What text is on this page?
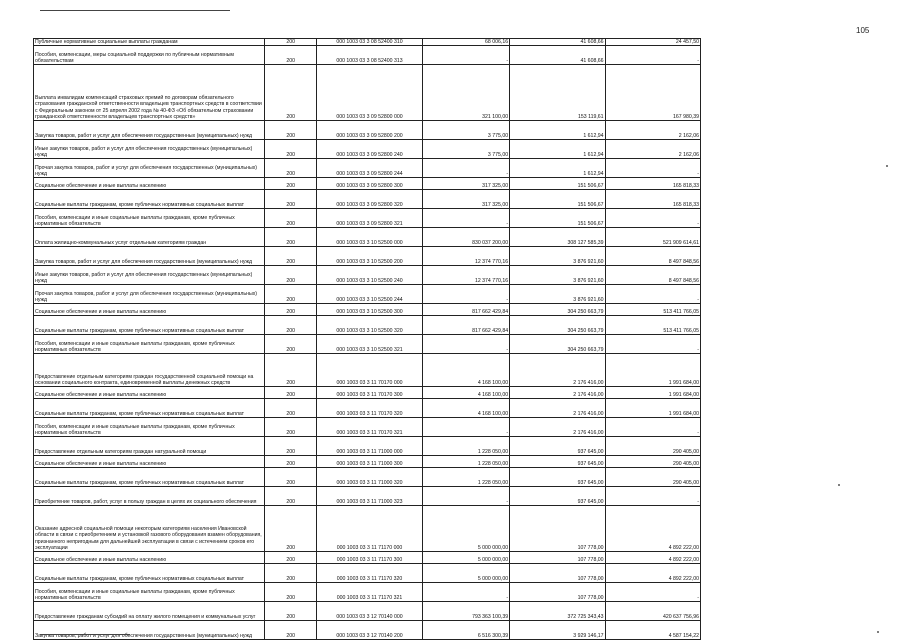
105
Публичные нормативные социальные выплаты гражданам	200	000 1003 03 3 08 52400 310	68 006,16	41 608,66	24 457,50
Пособия, компенсации, меры социальной поддержки по публичным нормативным обязательствам	200	000 1003 03 3 08 52400 313	-	41 608,66	-
Выплата инвалидам компенсаций страховых премий по договорам обязательного страхования гражданской ответственности владельцев транспортных средств в соответствии с Федеральным законом от 25 апреля 2002 года № 40-ФЗ «Об обязательном страховании гражданской ответственности владельцев транспортных средств»	200	000 1003 03 3 09 52800 000	321 100,00	153 119,61	167 980,39
Закупка товаров, работ и услуг для обеспечения государственных (муниципальных) нужд	200	000 1003 03 3 09 52800 200	3 775,00	1 612,94	2 162,06
Иные закупки товаров, работ и услуг для обеспечения государственных (муниципальных) нужд	200	000 1003 03 3 09 52800 240	3 775,00	1 612,94	2 162,06
Прочая закупка товаров, работ и услуг для обеспечения государственных (муниципальных) нужд	200	000 1003 03 3 09 52800 244	-	1 612,94	-
Социальное обеспечение и иные выплаты населению	200	000 1003 03 3 09 52800 300	317 325,00	151 506,67	165 818,33
Социальные выплаты гражданам, кроме публичных нормативных социальных выплат	200	000 1003 03 3 09 52800 320	317 325,00	151 506,67	165 818,33
Пособия, компенсации и иные социальные выплаты гражданам, кроме публичных нормативных обязательств	200	000 1003 03 3 09 52800 321	-	151 506,67	-
Оплата жилищно-коммунальных услуг отдельным категориям граждан	200	000 1003 03 3 10 52500 000	830 037 200,00	308 127 585,39	521 909 614,61
Закупка товаров, работ и услуг для обеспечения государственных (муниципальных) нужд	200	000 1003 03 3 10 52500 200	12 374 770,16	3 876 921,60	8 497 848,56
Иные закупки товаров, работ и услуг для обеспечения государственных (муниципальных) нужд	200	000 1003 03 3 10 52500 240	12 374 770,16	3 876 921,60	8 497 848,56
Прочая закупка товаров, работ и услуг для обеспечения государственных (муниципальных) нужд	200	000 1003 03 3 10 52500 244	-	3 876 921,60	-
Социальное обеспечение и иные выплаты населению	200	000 1003 03 3 10 52500 300	817 662 429,84	304 250 663,79	513 411 766,05
Социальные выплаты гражданам, кроме публичных нормативных социальных выплат	200	000 1003 03 3 10 52500 320	817 662 429,84	304 250 663,79	513 411 766,05
Пособия, компенсации и иные социальные выплаты гражданам, кроме публичных нормативных обязательств	200	000 1003 03 3 10 52500 321	-	304 250 663,79	-
Предоставление отдельным категориям граждан государственной социальной помощи на основании социального контракта, единовременной выплаты денежных средств	200	000 1003 03 3 11 70170 000	4 168 100,00	2 176 416,00	1 991 684,00
Социальное обеспечение и иные выплаты населению	200	000 1003 03 3 11 70170 300	4 168 100,00	2 176 416,00	1 991 684,00
Социальные выплаты гражданам, кроме публичных нормативных социальных выплат	200	000 1003 03 3 11 70170 320	4 168 100,00	2 176 416,00	1 991 684,00
Пособия, компенсации и иные социальные выплаты гражданам, кроме публичных нормативных обязательств	200	000 1003 03 3 11 70170 321	-	2 176 416,00	-
Предоставление отдельным категориям граждан натуральной помощи	200	000 1003 03 3 11 71000 000	1 228 050,00	937 645,00	290 405,00
Социальное обеспечение и иные выплаты населению	200	000 1003 03 3 11 71000 300	1 228 050,00	937 645,00	290 405,00
Социальные выплаты гражданам, кроме публичных нормативных социальных выплат	200	000 1003 03 3 11 71000 320	1 228 050,00	937 645,00	290 405,00
Приобретение товаров, работ, услуг в пользу граждан в целях их социального обеспечения	200	000 1003 03 3 11 71000 323	-	937 645,00	-
Оказание адресной социальной помощи некоторым категориям населения Ивановской области в связи с приобретением и установкой газового оборудования взамен оборудования, признанного непригодным для дальнейшей эксплуатации в связи с истечением сроков его эксплуатации	200	000 1003 03 3 11 71170 000	5 000 000,00	107 778,00	4 892 222,00
Социальное обеспечение и иные выплаты населению	200	000 1003 03 3 11 71170 300	5 000 000,00	107 778,00	4 892 222,00
Социальные выплаты гражданам, кроме публичных нормативных социальных выплат	200	000 1003 03 3 11 71170 320	5 000 000,00	107 778,00	4 892 222,00
Пособия, компенсации и иные социальные выплаты гражданам, кроме публичных нормативных обязательств	200	000 1003 03 3 11 71170 321	-	107 778,00	-
Предоставление гражданам субсидий на оплату жилого помещения и коммунальных услуг	200	000 1003 03 3 12 70140 000	793 363 100,39	372 725 343,43	420 637 756,96
Закупка товаров, работ и услуг для обеспечения государственных (муниципальных) нужд	200	000 1003 03 3 12 70140 200	6 516 300,39	3 929 146,17	4 587 154,22
